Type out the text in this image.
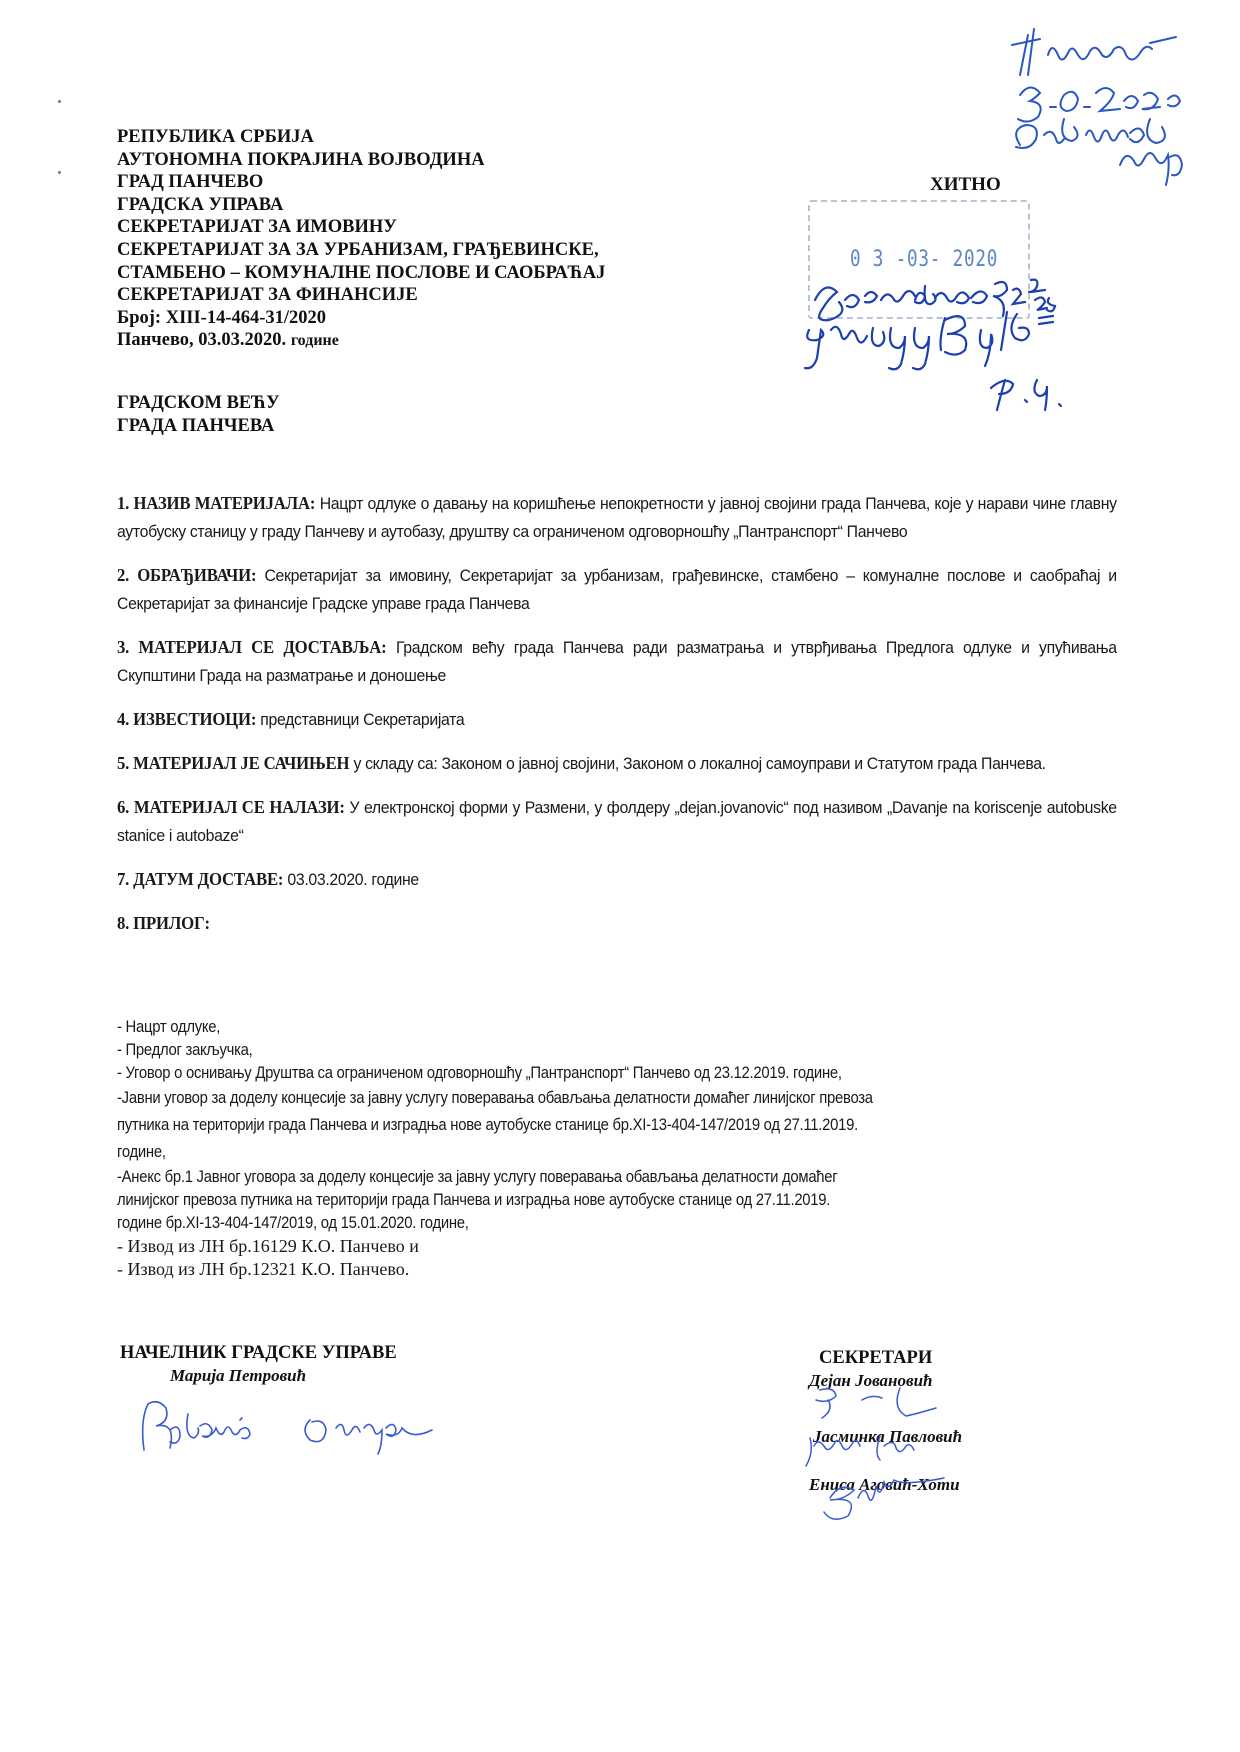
РЕПУБЛИКА СРБИЈА
АУТОНОМНА ПОКРАЈИНА ВОЈВОДИНА
ГРАД ПАНЧЕВО
ГРАДСКА УПРАВА
СЕКРЕТАРИЈАТ ЗА ИМОВИНУ
СЕКРЕТАРИЈАТ ЗА ЗА УРБАНИЗАМ, ГРАЂЕВИНСКЕ,
СТАМБЕНО – КОМУНАЛНЕ ПОСЛОВЕ И САОБРАЋАЈ
СЕКРЕТАРИЈАТ ЗА ФИНАНСИЈЕ
Број: XIII-14-464-31/2020
Панчево, 03.03.2020. године
ХИТНО
0 3 -03- 2020
ГРАДСКОМ ВЕЋУ
ГРАДА ПАНЧЕВА

1. НАЗИВ МАТЕРИЈАЛА: Нацрт одлуке о давању на коришћење непокретности у јавној својини града Панчева, које у нарави чине главну аутобуску станицу у граду Панчеву и аутобазу, друштву са ограниченом одговорношћу „Пантранспорт“ Панчево

2. ОБРАЂИВАЧИ: Секретаријат за имовину, Секретаријат за урбанизам, грађевинске, стамбено – комуналне послове и саобраћај и Секретаријат за финансије Градске управе града Панчева

3. МАТЕРИЈАЛ СЕ ДОСТАВЉА: Градском већу града Панчева ради разматрања и утврђивања Предлога одлуке и упућивања Скупштини Града на разматрање и доношење

4. ИЗВЕСТИОЦИ: представници Секретаријата

5. МАТЕРИЈАЛ ЈЕ САЧИЊЕН у складу са: Законом о јавној својини, Законом о локалној самоуправи и Статутом града Панчева.

6. МАТЕРИЈАЛ СЕ НАЛАЗИ: У електронској форми у Размени, у фолдеру „dejan.jovanovic“ под називом „Davanje na koriscenje autobuske stanice i autobaze“

7. ДАТУМ ДОСТАВЕ: 03.03.2020. године

8. ПРИЛОГ:

- Нацрт одлуке,
- Предлог закључка,
- Уговор о оснивању Друштва са ограниченом одговорношћу „Пантранспорт“ Панчево од 23.12.2019. године,
-Јавни уговор за доделу концесије за јавну услугу поверавања обављања делатности домаћег линијског превоза
путника на територији града Панчева и изградња нове аутобуске станице бр.XI-13-404-147/2019 од 27.11.2019.
године,
-Анекс бр.1 Јавног уговора за доделу концесије за јавну услугу поверавања обављања делатности домаћег
линијског превоза путника на територији града Панчева и изградња нове аутобуске станице од 27.11.2019.
године бр.XI-13-404-147/2019, од 15.01.2020. године,
- Извод из ЛН бр.16129 К.О. Панчево и
- Извод из ЛН бр.12321 К.О. Панчево.
НАЧЕЛНИК ГРАДСКЕ УПРАВЕ
Марија Петровић
СЕКРЕТАРИ
Дејан Јовановић
Јасминка Павловић
Ениса Аговић-Хоти
